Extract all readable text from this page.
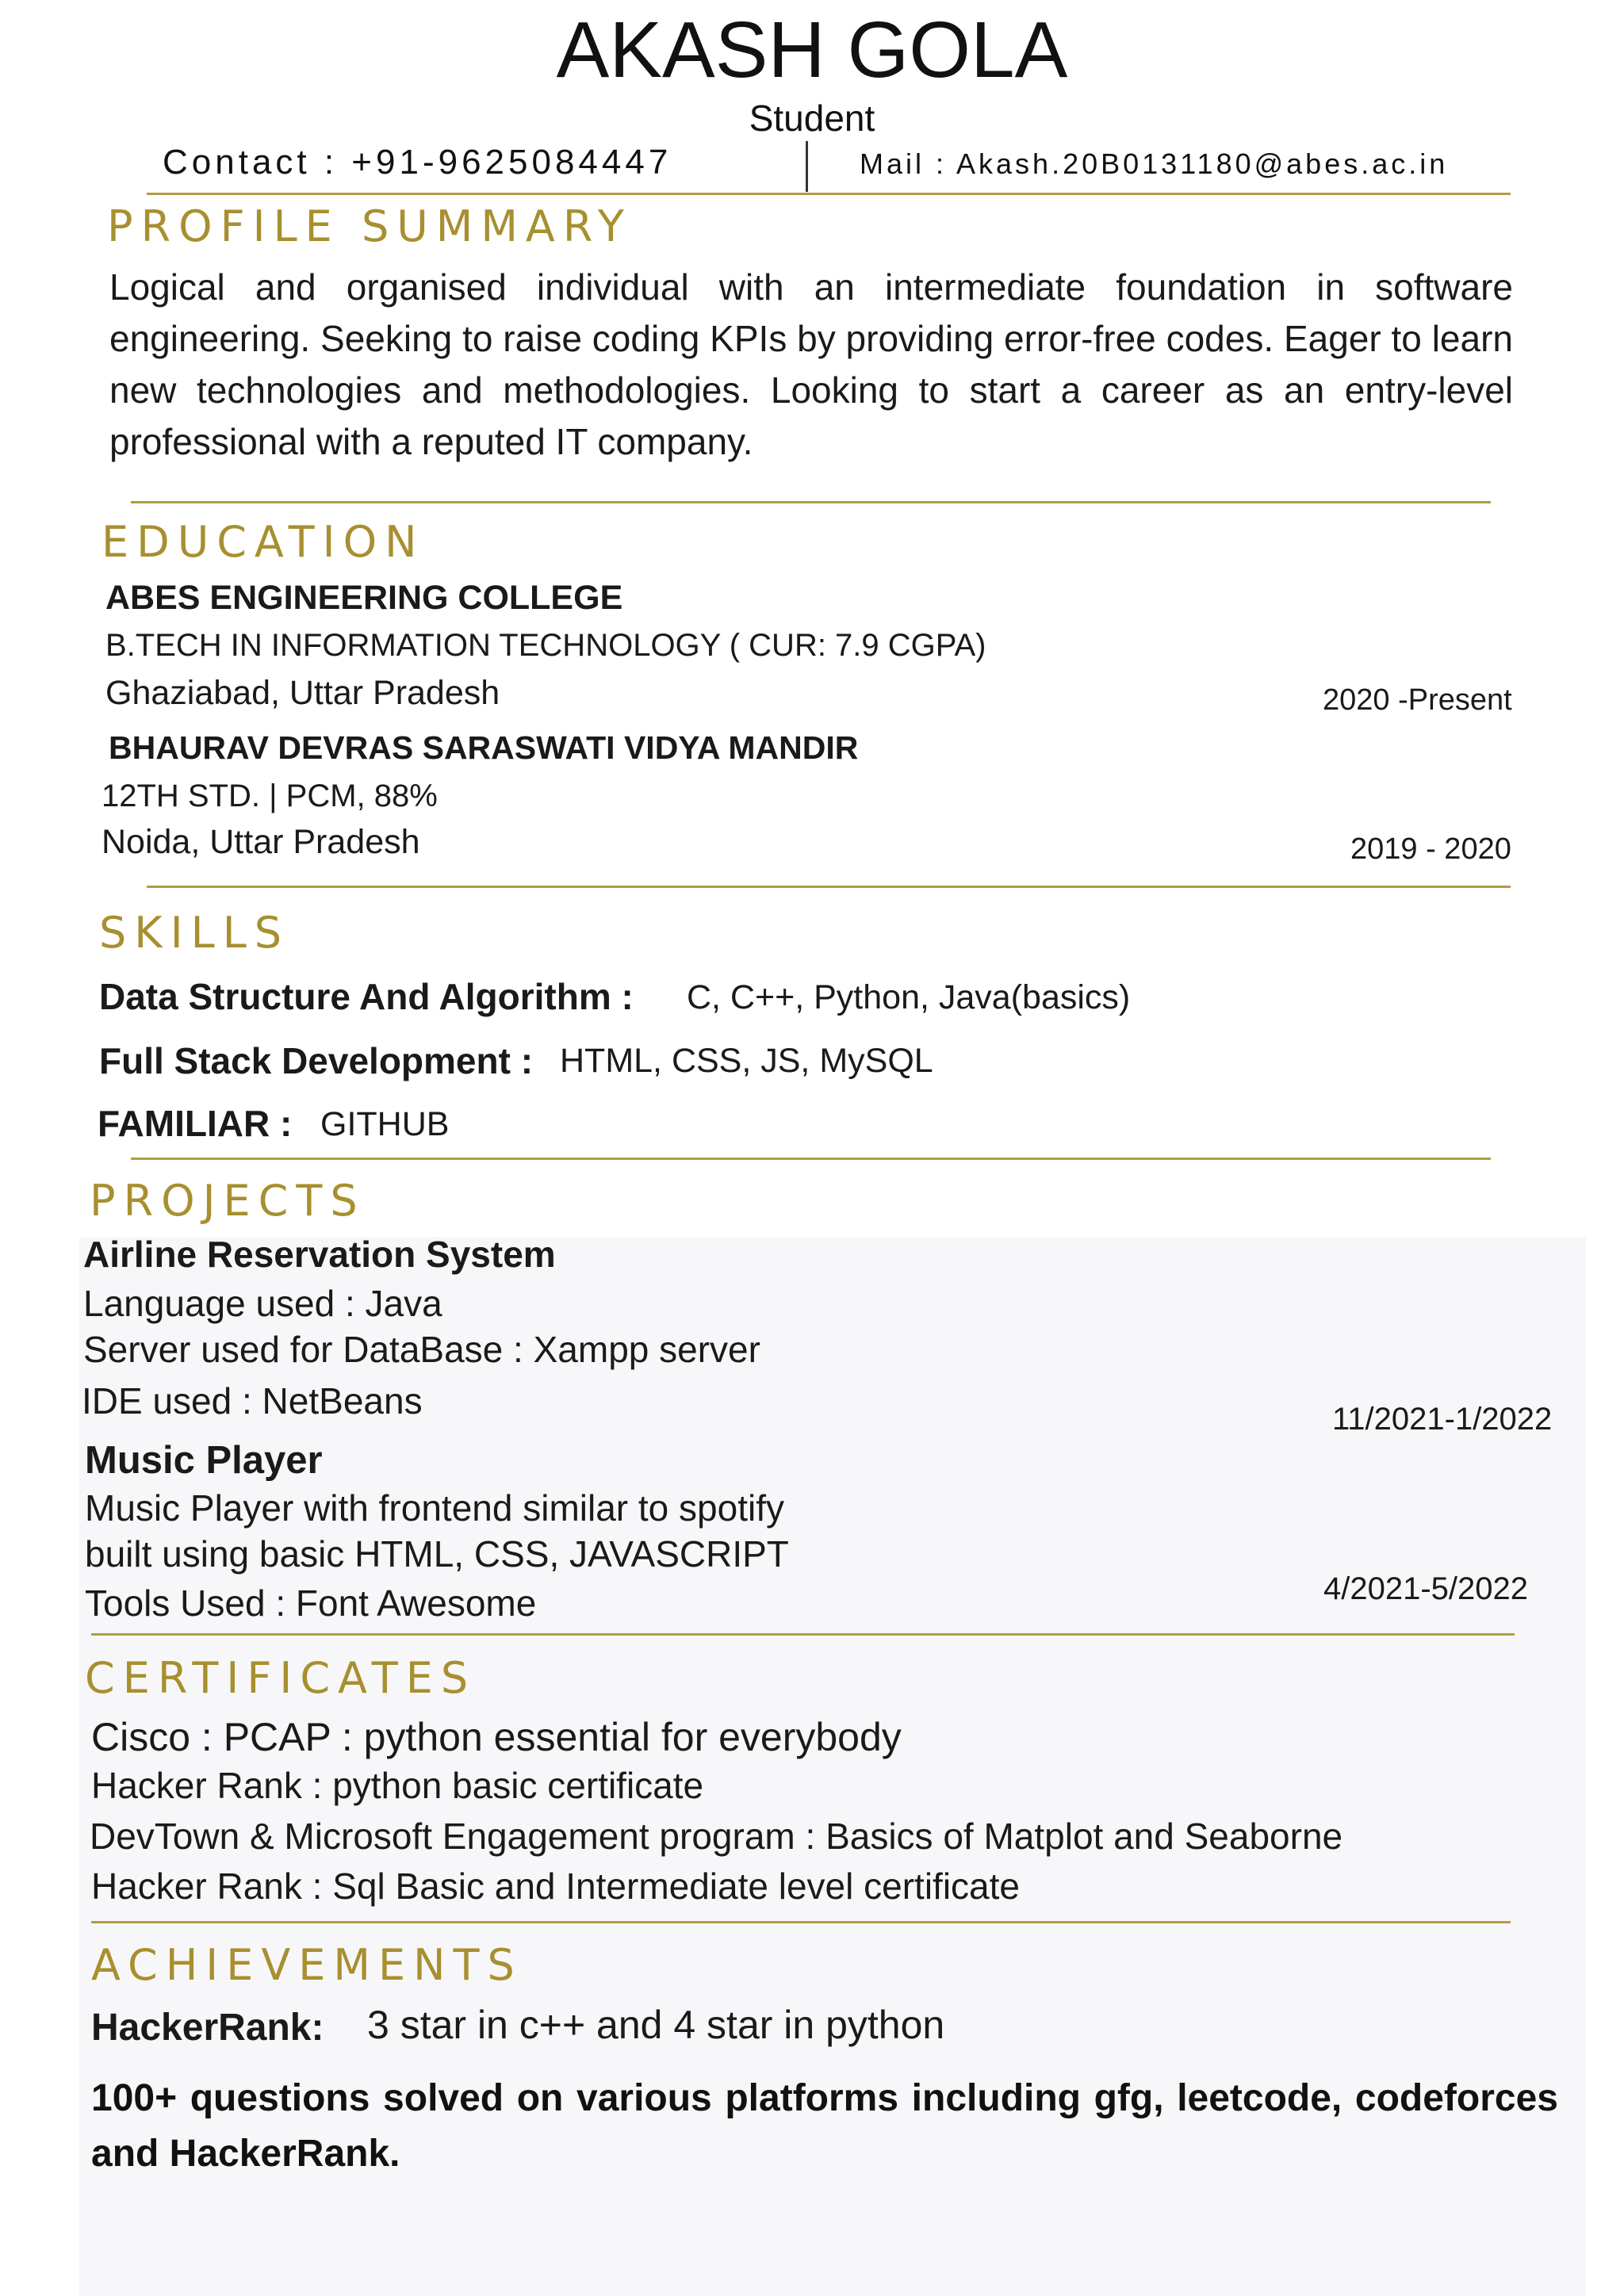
AKASH GOLA
Student
Contact : +91-9625084447	Mail : Akash.20B0131180@abes.ac.in
PROFILE SUMMARY
Logical and organised individual with an intermediate foundation in software engineering. Seeking to raise coding KPIs by providing error-free codes. Eager to learn new technologies and methodologies. Looking to start a career as an entry-level professional with a reputed IT company.
EDUCATION
ABES ENGINEERING COLLEGE
B.TECH IN INFORMATION TECHNOLOGY ( CUR: 7.9 CGPA)
Ghaziabad, Uttar Pradesh	2020 -Present
BHAURAV DEVRAS SARASWATI VIDYA MANDIR
12TH STD. | PCM, 88%
Noida, Uttar Pradesh	2019 - 2020
SKILLS
Data Structure And Algorithm : C, C++, Python, Java(basics)
Full Stack Development : HTML, CSS, JS, MySQL
FAMILIAR : GITHUB
PROJECTS
Airline Reservation System
Language used : Java
Server used for DataBase : Xampp server
IDE used : NetBeans	11/2021-1/2022
Music Player
Music Player with frontend similar to spotify
built using basic HTML, CSS, JAVASCRIPT
Tools Used : Font Awesome	4/2021-5/2022
CERTIFICATES
Cisco : PCAP : python essential for everybody
Hacker Rank : python basic certificate
DevTown & Microsoft Engagement program : Basics of Matplot and Seaborne
Hacker Rank : Sql Basic and Intermediate level certificate
ACHIEVEMENTS
HackerRank: 3 star in c++ and 4 star in python
100+ questions solved on various platforms including gfg, leetcode, codeforces and HackerRank.
